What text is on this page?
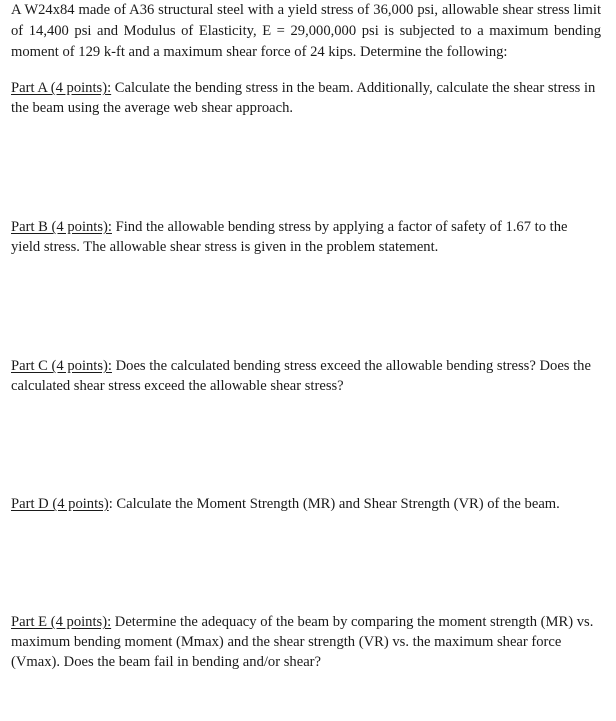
A W24x84 made of A36 structural steel with a yield stress of 36,000 psi, allowable shear stress limit of 14,400 psi and Modulus of Elasticity, E = 29,000,000 psi is subjected to a maximum bending moment of 129 k-ft and a maximum shear force of 24 kips. Determine the following:

Part A (4 points): Calculate the bending stress in the beam. Additionally, calculate the shear stress in the beam using the average web shear approach.

Part B (4 points): Find the allowable bending stress by applying a factor of safety of 1.67 to the yield stress. The allowable shear stress is given in the problem statement.

Part C (4 points): Does the calculated bending stress exceed the allowable bending stress? Does the calculated shear stress exceed the allowable shear stress?

Part D (4 points): Calculate the Moment Strength (MR) and Shear Strength (VR) of the beam.

Part E (4 points): Determine the adequacy of the beam by comparing the moment strength (MR) vs. maximum bending moment (Mmax) and the shear strength (VR) vs. the maximum shear force (Vmax). Does the beam fail in bending and/or shear?
